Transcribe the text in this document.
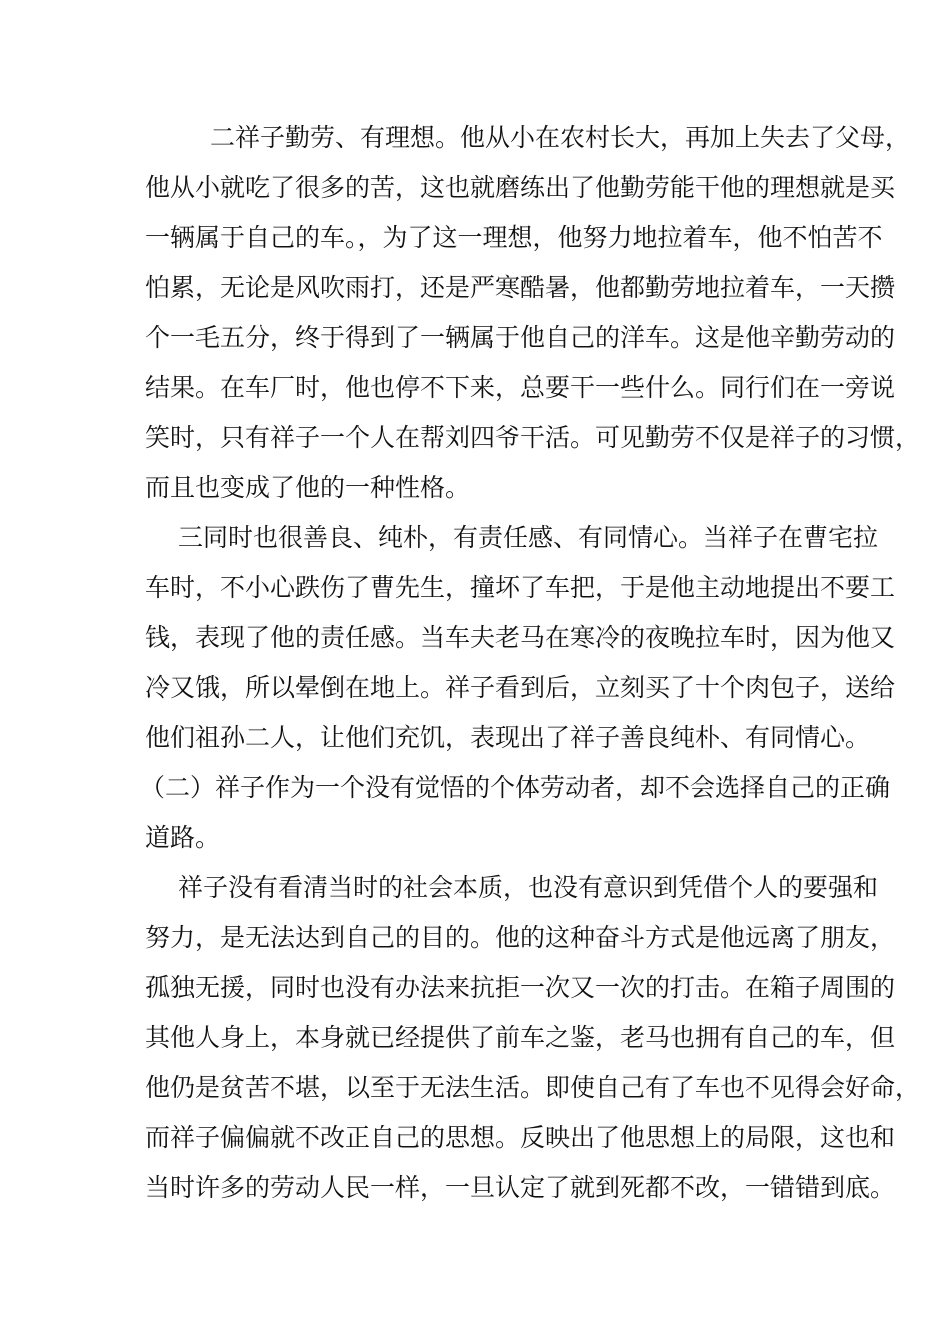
二祥子勤劳、有理想。他从小在农村长大，再加上失去了父母，
他从小就吃了很多的苦，这也就磨练出了他勤劳能干他的理想就是买
一辆属于自己的车。，为了这一理想，他努力地拉着车，他不怕苦不
怕累，无论是风吹雨打，还是严寒酷暑，他都勤劳地拉着车，一天攒
个一毛五分，终于得到了一辆属于他自己的洋车。这是他辛勤劳动的
结果。在车厂时，他也停不下来，总要干一些什么。同行们在一旁说
笑时，只有祥子一个人在帮刘四爷干活。可见勤劳不仅是祥子的习惯，
而且也变成了他的一种性格。
三同时也很善良、纯朴，有责任感、有同情心。当祥子在曹宅拉
车时，不小心跌伤了曹先生，撞坏了车把，于是他主动地提出不要工
钱，表现了他的责任感。当车夫老马在寒冷的夜晚拉车时，因为他又
冷又饿，所以晕倒在地上。祥子看到后，立刻买了十个肉包子，送给
他们祖孙二人，让他们充饥，表现出了祥子善良纯朴、有同情心。
（二）祥子作为一个没有觉悟的个体劳动者，却不会选择自己的正确
道路。
祥子没有看清当时的社会本质，也没有意识到凭借个人的要强和
努力，是无法达到自己的目的。他的这种奋斗方式是他远离了朋友，
孤独无援，同时也没有办法来抗拒一次又一次的打击。在箱子周围的
其他人身上，本身就已经提供了前车之鉴，老马也拥有自己的车，但
他仍是贫苦不堪，以至于无法生活。即使自己有了车也不见得会好命，
而祥子偏偏就不改正自己的思想。反映出了他思想上的局限，这也和
当时许多的劳动人民一样，一旦认定了就到死都不改，一错错到底。
